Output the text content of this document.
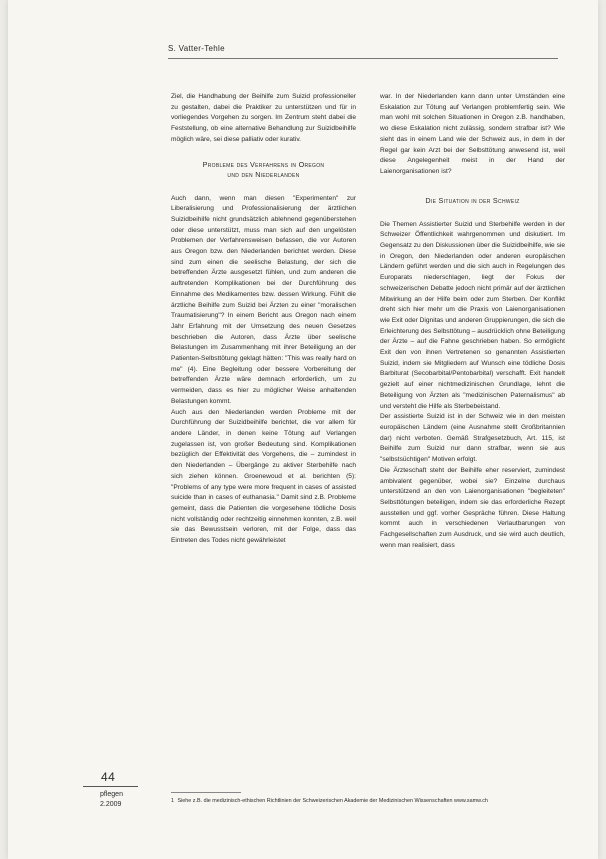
S. Vatter-Tehle

Ziel, die Handhabung der Beihilfe zum Suizid professioneller zu gestalten, dabei die Praktiker zu unterstützen und für in vorliegendes Vorgehen zu sorgen. Im Zentrum steht dabei die Feststellung, ob eine alternative Behandlung zur Suizidbeihilfe möglich wäre, sei diese palliativ oder kurativ.

Probleme des Verfahrens in Oregon
und den Niederlanden

Auch dann, wenn man diesen "Experimenten" zur Liberalisierung und Professionalisierung der ärztlichen Suizidbeihilfe nicht grundsätzlich ablehnend gegenüberstehen oder diese unterstützt, muss man sich auf den ungelösten Problemen der Verfahrensweisen befassen, die vor Autoren aus Oregon bzw. den Niederlanden berichtet werden. Diese sind zum einen die seelische Belastung, der sich die betreffenden Ärzte ausgesetzt fühlen, und zum anderen die auftretenden Komplikationen bei der Durchführung des Einnahme des Medikamentes bzw. dessen Wirkung. Fühlt die ärztliche Beihilfe zum Suizid bei Ärzten zu einer "moralischen Traumatisierung"? In einem Bericht aus Oregon nach einem Jahr Erfahrung mit der Umsetzung des neuen Gesetzes beschrieben die Autoren, dass Ärzte über seelische Belastungen im Zusammenhang mit ihrer Beteiligung an der Patienten-Selbsttötung geklagt hätten: "This was really hard on me" (4). Eine Begleitung oder bessere Vorbereitung der betreffenden Ärzte wäre demnach erforderlich, um zu vermeiden, dass es hier zu möglicher Weise anhaltenden Belastungen kommt.

Auch aus den Niederlanden werden Probleme mit der Durchführung der Suizidbeihilfe berichtet, die vor allem für andere Länder, in denen keine Tötung auf Verlangen zugelassen ist, von großer Bedeutung sind. Komplikationen bezüglich der Effektivität des Vorgehens, die – zumindest in den Niederlanden – Übergänge zu aktiver Sterbehilfe nach sich ziehen können. Groenewoud et al. berichten (5): "Problems of any type were more frequent in cases of assisted suicide than in cases of euthanasia." Damit sind z.B. Probleme gemeint, dass die Patienten die vorgesehene tödliche Dosis nicht vollständig oder rechtzeitig einnehmen konnten, z.B. weil sie das Bewusstsein verloren, mit der Folge, dass das Eintreten des Todes nicht gewährleistet

war. In der Niederlanden kann dann unter Umständen eine Eskalation zur Tötung auf Verlangen problemfertig sein. Wie man wohl mit solchen Situationen in Oregon z.B. handhaben, wo diese Eskalation nicht zulässig, sondern strafbar ist? Wie sieht das in einem Land wie der Schweiz aus, in dem in der Regel gar kein Arzt bei der Selbsttötung anwesend ist, weil diese Angelegenheit meist in der Hand der Laienorganisationen ist?

Die Situation in der Schweiz

Die Themen Assistierter Suizid und Sterbehilfe werden in der Schweizer Öffentlichkeit wahrgenommen und diskutiert. Im Gegensatz zu den Diskussionen über die Suizidbeihilfe, wie sie in Oregon, den Niederlanden oder anderen europäischen Ländern geführt werden und die sich auch in Regelungen des Europarats niederschlagen, liegt der Fokus der schweizerischen Debatte jedoch nicht primär auf der ärztlichen Mitwirkung an der Hilfe beim oder zum Sterben. Der Konflikt dreht sich hier mehr um die Praxis von Laienorganisationen wie Exit oder Dignitas und anderen Gruppierungen, die sich die Erleichterung des Selbsttötung – ausdrücklich ohne Beteiligung der Ärzte – auf die Fahne geschrieben haben. So ermöglicht Exit den von ihnen Vertretenen so genannten Assistierten Suizid, indem sie Mitgliedern auf Wunsch eine tödliche Dosis Barbiturat (Secobarbital/Pentobarbital) verschafft. Exit handelt gezielt auf einer nichtmedizinischen Grundlage, lehnt die Beteiligung von Ärzten als "medizinischen Paternalismus" ab und versteht die Hilfe als Sterbebeistand.

Der assistierte Suizid ist in der Schweiz wie in den meisten europäischen Ländern (eine Ausnahme stellt Großbritannien dar) nicht verboten. Gemäß Strafgesetzbuch, Art. 115, ist Beihilfe zum Suizid nur dann strafbar, wenn sie aus "selbstsüchtigen" Motiven erfolgt.

Die Ärzteschaft steht der Beihilfe eher reserviert, zumindest ambivalent gegenüber, wobei sie? Einzelne durchaus unterstützend an den von Laienorganisationen "begleiteten" Selbsttötungen beteiligen, indem sie das erforderliche Rezept ausstellen und ggf. vorher Gespräche führen. Diese Haltung kommt auch in verschiedenen Verlautbarungen von Fachgesellschaften zum Ausdruck, und sie wird auch deutlich, wenn man realisiert, dass

1 Siehe z.B. die medizinisch-ethischen Richtlinien der Schweizerischen Akademie der Medizinischen Wissenschaften www.samw.ch
44
pflegen
2.2009
